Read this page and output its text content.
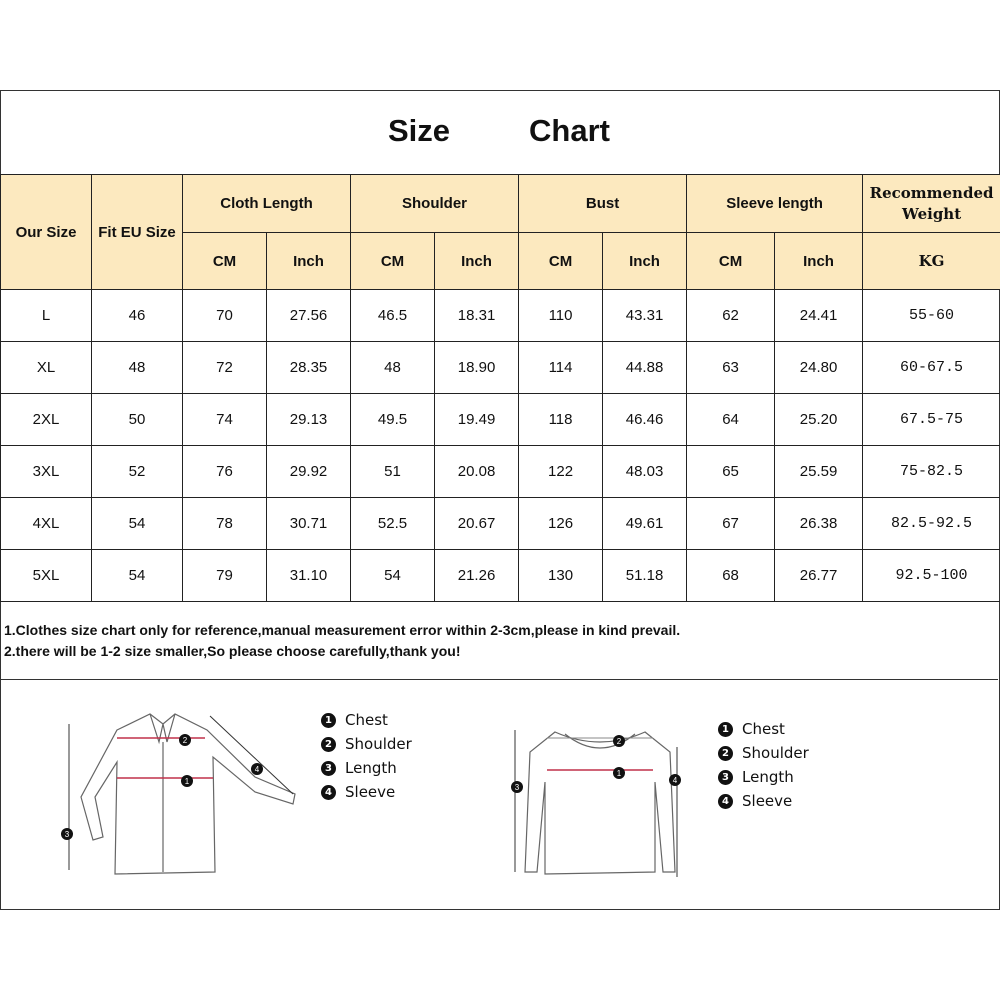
Size	Chart
Our Size	Fit EU Size	Cloth Length		Shoulder		Bust		Sleeve length		Recommended
Weight

		CM	Inch	CM	Inch	CM	Inch	CM	Inch	KG
L	46	70	27.56	46.5	18.31	110	43.31	62	24.41	55-60
XL	48	72	28.35	48	18.90	114	44.88	63	24.80	60-67.5
2XL	50	74	29.13	49.5	19.49	118	46.46	64	25.20	67.5-75
3XL	52	76	29.92	51	20.08	122	48.03	65	25.59	75-82.5
4XL	54	78	30.71	52.5	20.67	126	49.61	67	26.38	82.5-92.5
5XL	54	79	31.10	54	21.26	130	51.18	68	26.77	92.5-100
1.Clothes size chart only for reference,manual measurement error within 2-3cm,please in kind prevail.
2.there will be 1-2 size smaller,So please choose carefully,thank you!
1
2
3
4
1 Chest
2 Shoulder
3 Length
4 Sleeve
1
2
3
4
1 Chest
2 Shoulder
3 Length
4 Sleeve
